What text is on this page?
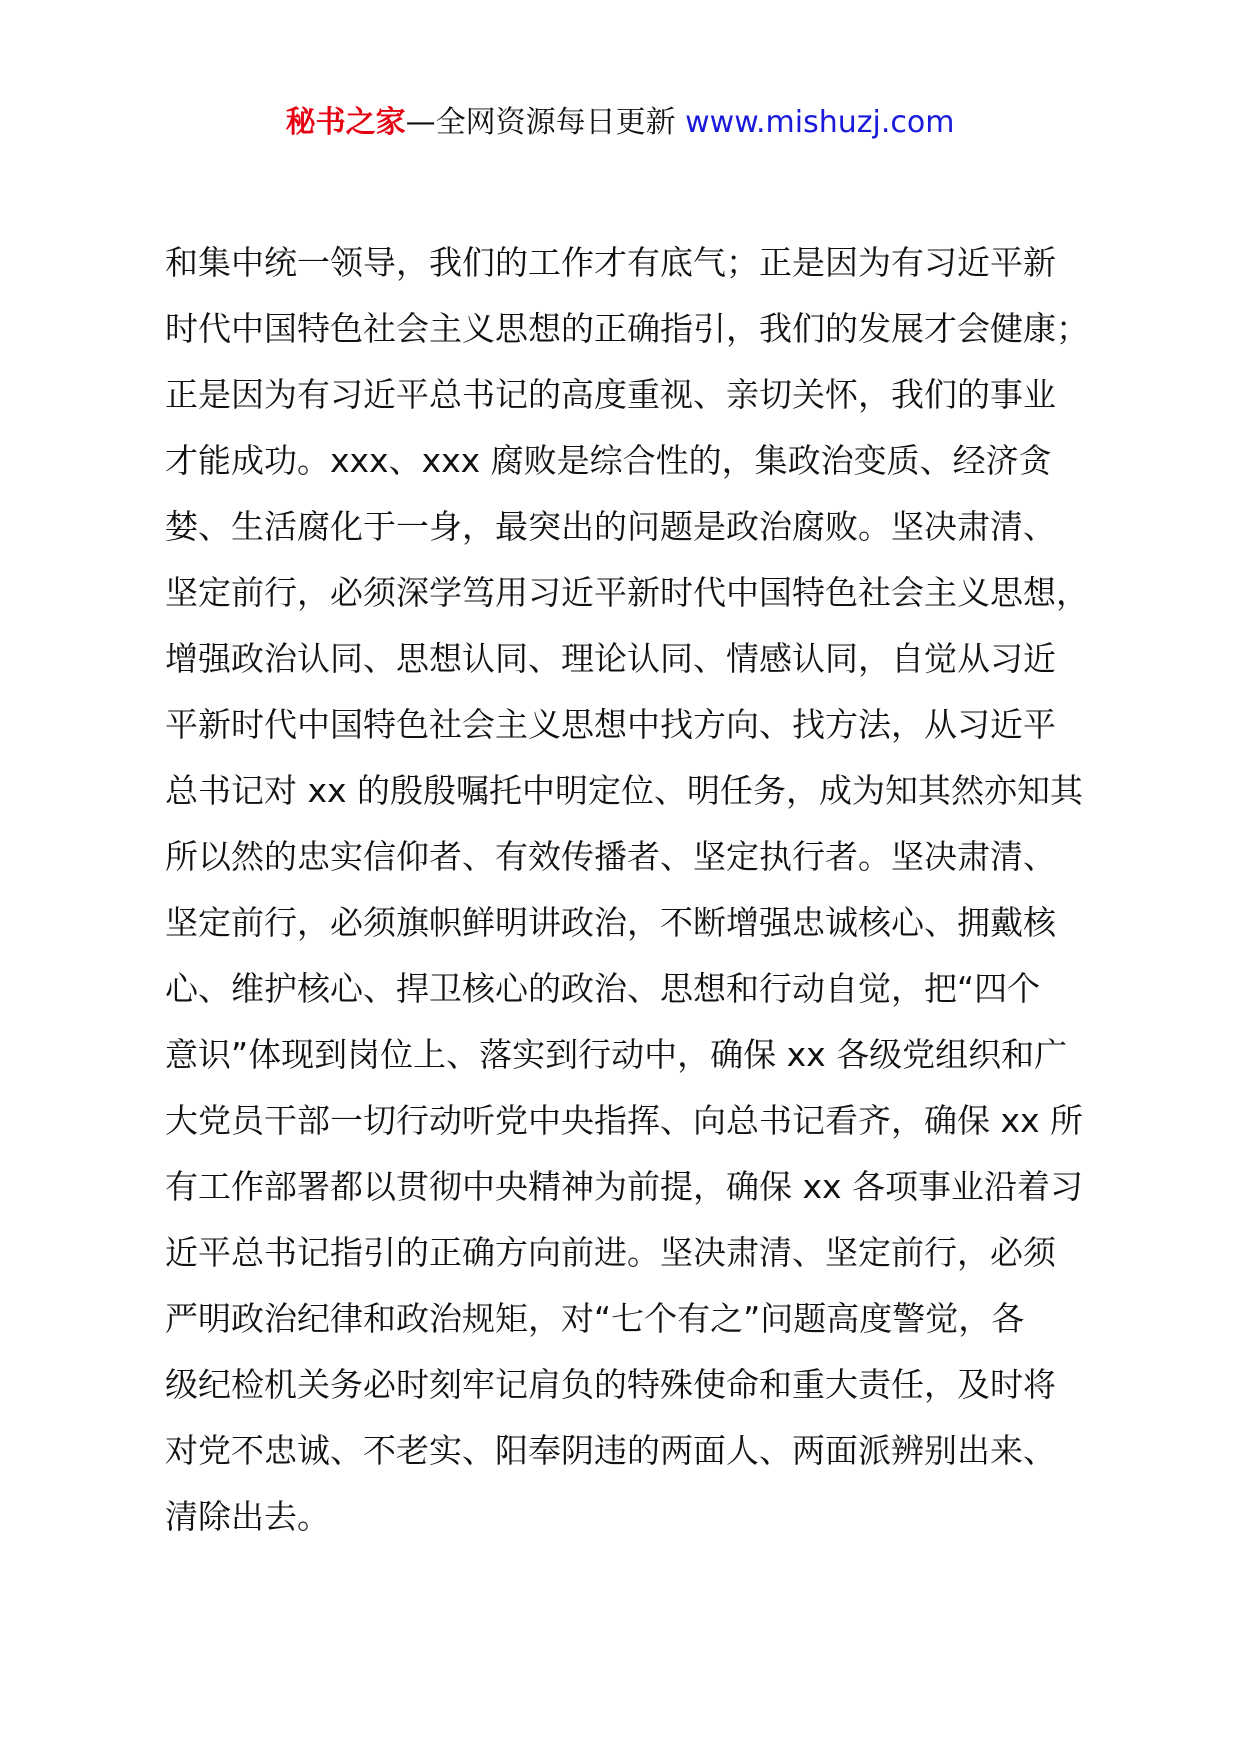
秘书之家—全网资源每日更新 www.mishuzj.com
和集中统一领导，我们的工作才有底气；正是因为有习近平新
时代中国特色社会主义思想的正确指引，我们的发展才会健康；
正是因为有习近平总书记的高度重视、亲切关怀，我们的事业
才能成功。xxx、xxx 腐败是综合性的，集政治变质、经济贪
婪、生活腐化于一身，最突出的问题是政治腐败。坚决肃清、
坚定前行，必须深学笃用习近平新时代中国特色社会主义思想，
增强政治认同、思想认同、理论认同、情感认同，自觉从习近
平新时代中国特色社会主义思想中找方向、找方法，从习近平
总书记对 xx 的殷殷嘱托中明定位、明任务，成为知其然亦知其
所以然的忠实信仰者、有效传播者、坚定执行者。坚决肃清、
坚定前行，必须旗帜鲜明讲政治，不断增强忠诚核心、拥戴核
心、维护核心、捍卫核心的政治、思想和行动自觉，把“四个
意识”体现到岗位上、落实到行动中，确保 xx 各级党组织和广
大党员干部一切行动听党中央指挥、向总书记看齐，确保 xx 所
有工作部署都以贯彻中央精神为前提，确保 xx 各项事业沿着习
近平总书记指引的正确方向前进。坚决肃清、坚定前行，必须
严明政治纪律和政治规矩，对“七个有之”问题高度警觉，各
级纪检机关务必时刻牢记肩负的特殊使命和重大责任，及时将
对党不忠诚、不老实、阳奉阴违的两面人、两面派辨别出来、
清除出去。
